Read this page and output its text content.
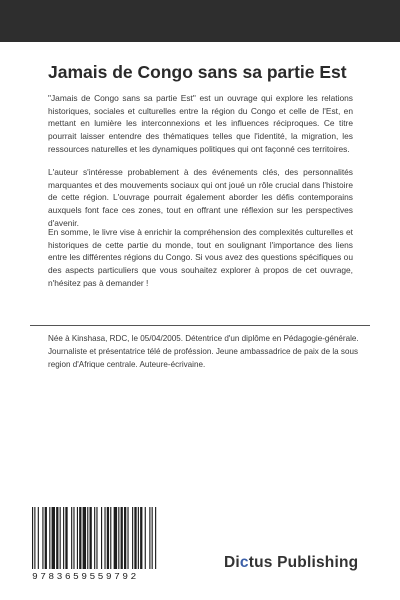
Jamais de Congo sans sa partie Est

"Jamais de Congo sans sa partie Est" est un ouvrage qui explore les relations historiques, sociales et culturelles entre la région du Congo et celle de l'Est, en mettant en lumière les interconnexions et les influences réciproques. Ce titre pourrait laisser entendre des thématiques telles que l'identité, la migration, les ressources naturelles et les dynamiques politiques qui ont façonné ces territoires.

L'auteur s'intéresse probablement à des événements clés, des personnalités marquantes et des mouvements sociaux qui ont joué un rôle crucial dans l'histoire de cette région. L'ouvrage pourrait également aborder les défis contemporains auxquels font face ces zones, tout en offrant une réflexion sur les perspectives d'avenir.

En somme, le livre vise à enrichir la compréhension des complexités culturelles et historiques de cette partie du monde, tout en soulignant l'importance des liens entre les différentes régions du Congo. Si vous avez des questions spécifiques ou des aspects particuliers que vous souhaitez explorer à propos de cet ouvrage, n'hésitez pas à demander !

Née à Kinshasa, RDC, le 05/04/2005. Détentrice d'un diplôme en Pédagogie-générale. Journaliste et présentatrice télé de proféssion. Jeune ambassadrice de paix de la sous region d'Afrique centrale. Auteure-écrivaine.

9783659559792
Dictus Publishing
